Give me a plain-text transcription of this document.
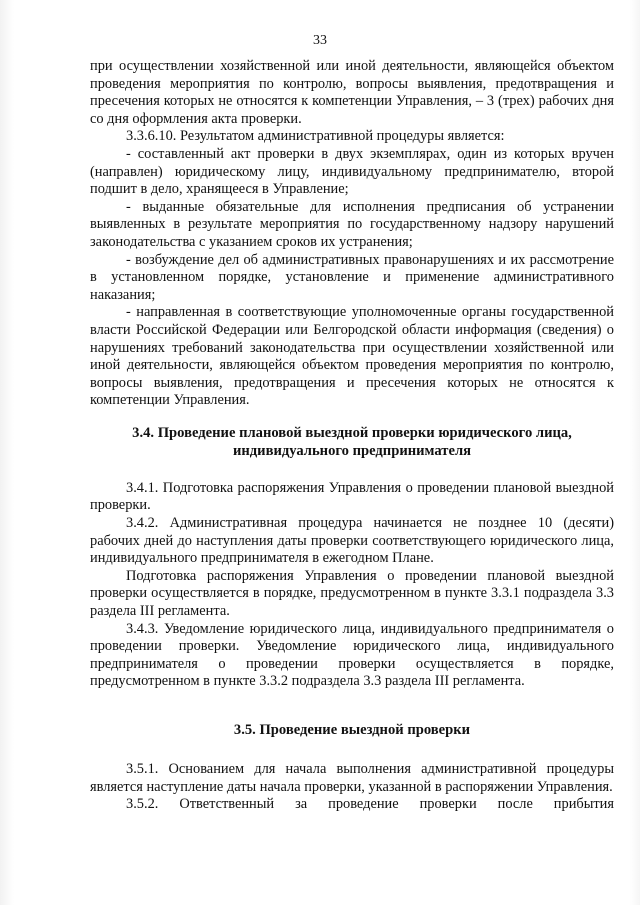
33

при осуществлении хозяйственной или иной деятельности, являющейся объектом проведения мероприятия по контролю, вопросы выявления, предотвращения и пресечения которых не относятся к компетенции Управления, – 3 (трех) рабочих дня со дня оформления акта проверки.

3.3.6.10. Результатом административной процедуры является:

- составленный акт проверки в двух экземплярах, один из которых вручен (направлен) юридическому лицу, индивидуальному предпринимателю, второй подшит в дело, хранящееся в Управление;

- выданные обязательные для исполнения предписания об устранении выявленных в результате мероприятия по государственному надзору нарушений законодательства с указанием сроков их устранения;

- возбуждение дел об административных правонарушениях и их рассмотрение в установленном порядке, установление и применение административного наказания;

- направленная в соответствующие уполномоченные органы государственной власти Российской Федерации или Белгородской области информация (сведения) о нарушениях требований законодательства при осуществлении хозяйственной или иной деятельности, являющейся объектом проведения мероприятия по контролю, вопросы выявления, предотвращения и пресечения которых не относятся к компетенции Управления.

3.4. Проведение плановой выездной проверки юридического лица,

индивидуального предпринимателя

3.4.1. Подготовка распоряжения Управления о проведении плановой выездной проверки.

3.4.2. Административная процедура начинается не позднее 10 (десяти) рабочих дней до наступления даты проверки соответствующего юридического лица, индивидуального предпринимателя в ежегодном Плане.

Подготовка распоряжения Управления о проведении плановой выездной проверки осуществляется в порядке, предусмотренном в пункте 3.3.1 подраздела 3.3 раздела III регламента.

3.4.3. Уведомление юридического лица, индивидуального предпринимателя о проведении проверки. Уведомление юридического лица, индивидуального предпринимателя о проведении проверки осуществляется в порядке, предусмотренном в пункте 3.3.2 подраздела 3.3 раздела III регламента.

3.5. Проведение выездной проверки

3.5.1. Основанием для начала выполнения административной процедуры является наступление даты начала проверки, указанной в распоряжении Управления.

3.5.2. Ответственный за проведение проверки после прибытия
